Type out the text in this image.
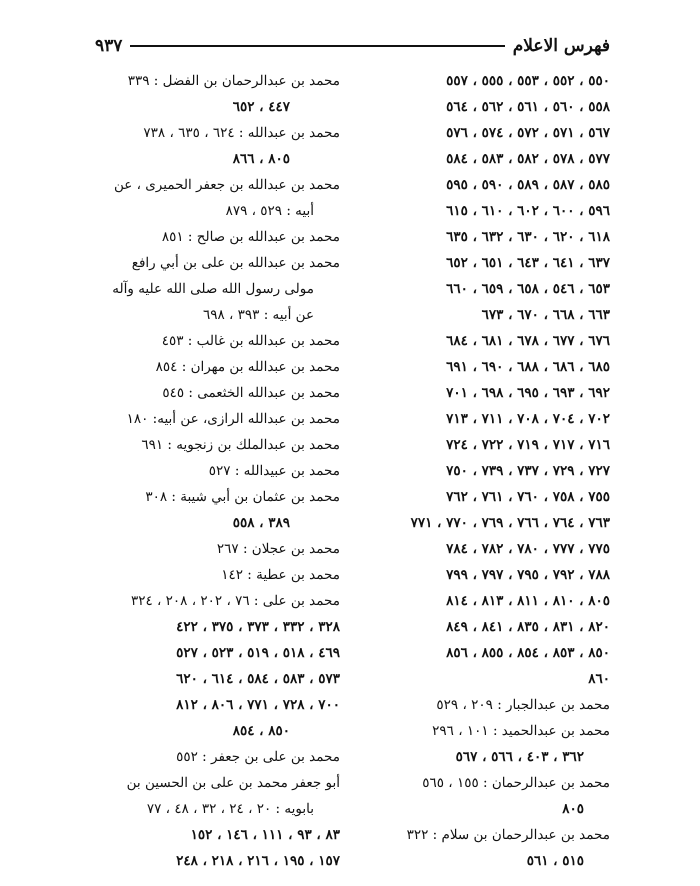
فهرس الاعلام
٩٣٧
٥٥٠ ، ٥٥٢ ، ٥٥٣ ، ٥٥٥ ، ٥٥٧
٥٥٨ ، ٥٦٠ ، ٥٦١ ، ٥٦٢ ، ٥٦٤
٥٦٧ ، ٥٧١ ، ٥٧٢ ، ٥٧٤ ، ٥٧٦
٥٧٧ ، ٥٧٨ ، ٥٨٢ ، ٥٨٣ ، ٥٨٤
٥٨٥ ، ٥٨٧ ، ٥٨٩ ، ٥٩٠ ، ٥٩٥
٥٩٦ ، ٦٠٠ ، ٦٠٢ ، ٦١٠ ، ٦١٥
٦١٨ ، ٦٢٠ ، ٦٣٠ ، ٦٣٢ ، ٦٣٥
٦٣٧ ، ٦٤١ ، ٦٤٣ ، ٦٥١ ، ٦٥٢
٦٥٣ ، ٥٤٦ ، ٦٥٨ ، ٦٥٩ ، ٦٦٠
٦٦٣ ، ٦٦٨ ، ٦٧٠ ، ٦٧٣
٦٧٦ ، ٦٧٧ ، ٦٧٨ ، ٦٨١ ، ٦٨٤
٦٨٥ ، ٦٨٦ ، ٦٨٨ ، ٦٩٠ ، ٦٩١
٦٩٢ ، ٦٩٣ ، ٦٩٥ ، ٦٩٨ ، ٧٠١
٧٠٢ ، ٧٠٤ ، ٧٠٨ ، ٧١١ ، ٧١٣
٧١٦ ، ٧١٧ ، ٧١٩ ، ٧٢٢ ، ٧٢٤
٧٢٧ ، ٧٢٩ ، ٧٣٧ ، ٧٣٩ ، ٧٥٠
٧٥٥ ، ٧٥٨ ، ٧٦٠ ، ٧٦١ ، ٧٦٢
٧٦٣ ، ٧٦٤ ، ٧٦٦ ، ٧٦٩ ، ٧٧٠ ، ٧٧١
٧٧٥ ، ٧٧٧ ، ٧٨٠ ، ٧٨٢ ، ٧٨٤
٧٨٨ ، ٧٩٢ ، ٧٩٥ ، ٧٩٧ ، ٧٩٩
٨٠٥ ، ٨١٠ ، ٨١١ ، ٨١٣ ، ٨١٤
٨٢٠ ، ٨٣١ ، ٨٣٥ ، ٨٤١ ، ٨٤٩
٨٥٠ ، ٨٥٣ ، ٨٥٤ ، ٨٥٥ ، ٨٥٦
٨٦٠
محمد بن عبدالجبار : ٢٠٩ ، ٥٢٩
محمد بن عبدالحميد : ١٠١ ، ٢٩٦
٣٦٢ ، ٤٠٣ ، ٥٦٦ ، ٥٦٧
محمد بن عبدالرحمان : ١٥٥ ، ٥٦٥
٨٠٥
محمد بن عبدالرحمان بن سلام : ٣٢٢
٥١٥ ، ٥٦١
محمد بن عبدالرحمان بن الفضل : ٣٣٩
٤٤٧ ، ٦٥٢
محمد بن عبدالله : ٦٢٤ ، ٦٣٥ ، ٧٣٨
٨٠٥ ، ٨٦٦
محمد بن عبدالله بن جعفر الحميرى ، عن
أبيه : ٥٢٩ ، ٨٧٩
محمد بن عبدالله بن صالح : ٨٥١
محمد بن عبدالله بن على بن أبي رافع
مولى رسول الله صلى الله عليه وآله
عن أبيه : ٣٩٣ ، ٦٩٨
محمد بن عبدالله بن غالب : ٤٥٣
محمد بن عبدالله بن مهران : ٨٥٤
محمد بن عبدالله الخثعمى : ٥٤٥
محمد بن عبدالله الرازى، عن أبيه: ١٨٠
محمد بن عبدالملك بن زنجويه : ٦٩١
محمد بن عبيدالله : ٥٢٧
محمد بن عثمان بن أبي شيبة : ٣٠٨
٣٨٩ ، ٥٥٨
محمد بن عجلان : ٢٦٧
محمد بن عطية : ١٤٢
محمد بن على : ٧٦ ، ٢٠٢ ، ٢٠٨ ، ٣٢٤
٣٢٨ ، ٣٣٢ ، ٣٧٣ ، ٣٧٥ ، ٤٢٢
٤٦٩ ، ٥١٨ ، ٥١٩ ، ٥٢٣ ، ٥٢٧
٥٧٣ ، ٥٨٣ ، ٥٨٤ ، ٦١٤ ، ٦٢٠
٧٠٠ ، ٧٢٨ ، ٧٧١ ، ٨٠٦ ، ٨١٢
٨٥٠ ، ٨٥٤
محمد بن على بن جعفر : ٥٥٢
أبو جعفر محمد بن على بن الحسين بن
بابويه : ٢٠ ، ٢٤ ، ٣٢ ، ٤٨ ، ٧٧
٨٣ ، ٩٣ ، ١١١ ، ١٤٦ ، ١٥٢
١٥٧ ، ١٩٥ ، ٢١٦ ، ٢١٨ ، ٢٤٨
